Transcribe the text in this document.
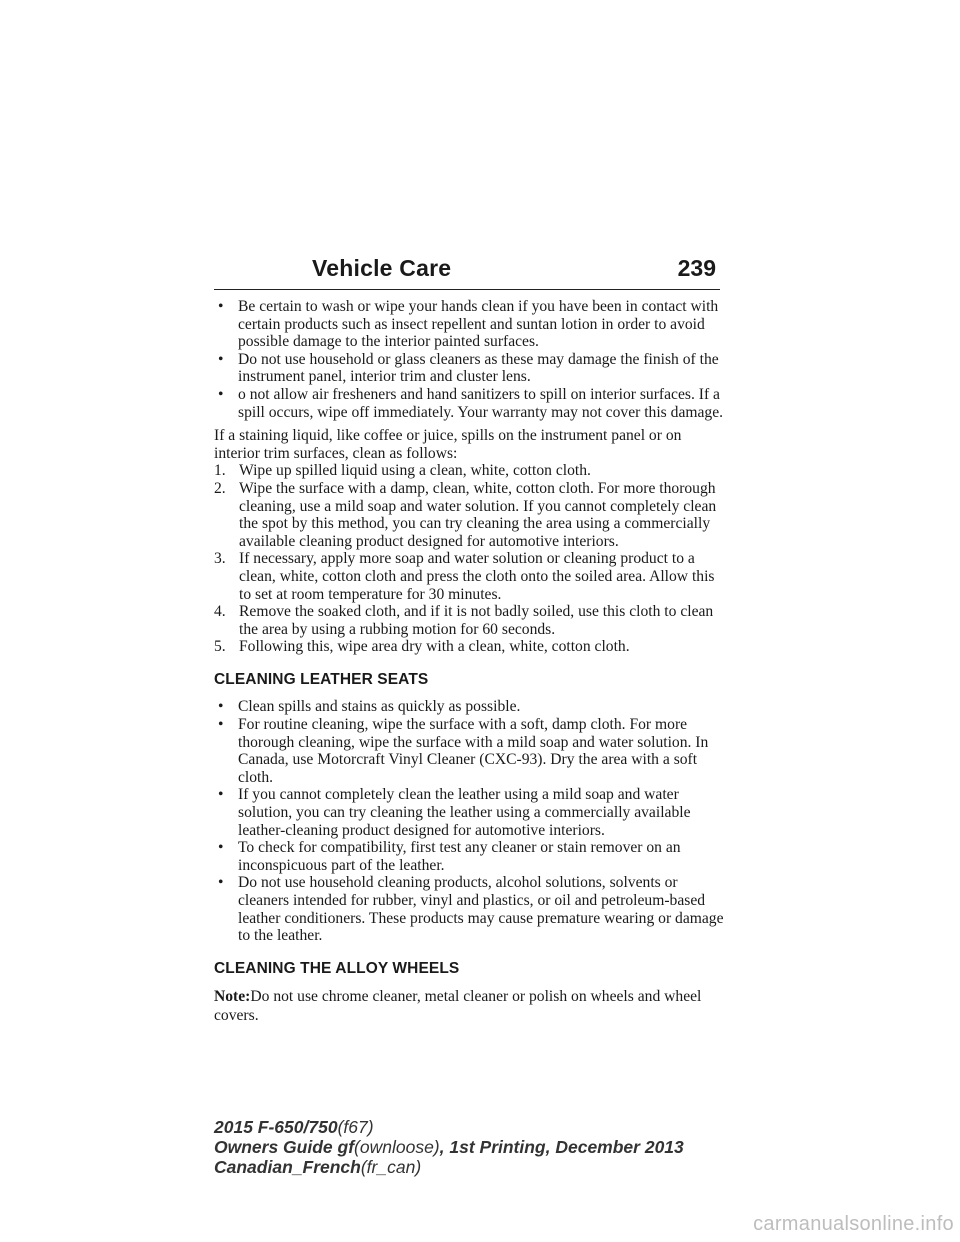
Vehicle Care	239
• Be certain to wash or wipe your hands clean if you have been in contact with certain products such as insect repellent and suntan lotion in order to avoid possible damage to the interior painted surfaces.
• Do not use household or glass cleaners as these may damage the finish of the instrument panel, interior trim and cluster lens.
• o not allow air fresheners and hand sanitizers to spill on interior surfaces. If a spill occurs, wipe off immediately. Your warranty may not cover this damage.

If a staining liquid, like coffee or juice, spills on the instrument panel or on interior trim surfaces, clean as follows:

1. Wipe up spilled liquid using a clean, white, cotton cloth.
2. Wipe the surface with a damp, clean, white, cotton cloth. For more thorough cleaning, use a mild soap and water solution. If you cannot completely clean the spot by this method, you can try cleaning the area using a commercially available cleaning product designed for automotive interiors.
3. If necessary, apply more soap and water solution or cleaning product to a clean, white, cotton cloth and press the cloth onto the soiled area. Allow this to set at room temperature for 30 minutes.
4. Remove the soaked cloth, and if it is not badly soiled, use this cloth to clean the area by using a rubbing motion for 60 seconds.
5. Following this, wipe area dry with a clean, white, cotton cloth.
CLEANING LEATHER SEATS
• Clean spills and stains as quickly as possible.
• For routine cleaning, wipe the surface with a soft, damp cloth. For more thorough cleaning, wipe the surface with a mild soap and water solution. In Canada, use Motorcraft Vinyl Cleaner (CXC-93). Dry the area with a soft cloth.
• If you cannot completely clean the leather using a mild soap and water solution, you can try cleaning the leather using a commercially available leather-cleaning product designed for automotive interiors.
• To check for compatibility, first test any cleaner or stain remover on an inconspicuous part of the leather.
• Do not use household cleaning products, alcohol solutions, solvents or cleaners intended for rubber, vinyl and plastics, or oil and petroleum-based leather conditioners. These products may cause premature wearing or damage to the leather.
CLEANING THE ALLOY WHEELS

Note:Do not use chrome cleaner, metal cleaner or polish on wheels and wheel covers.

2015 F-650/750(f67)
Owners Guide gf(ownloose), 1st Printing, December 2013
Canadian_French(fr_can)
carmanualsonline.info
